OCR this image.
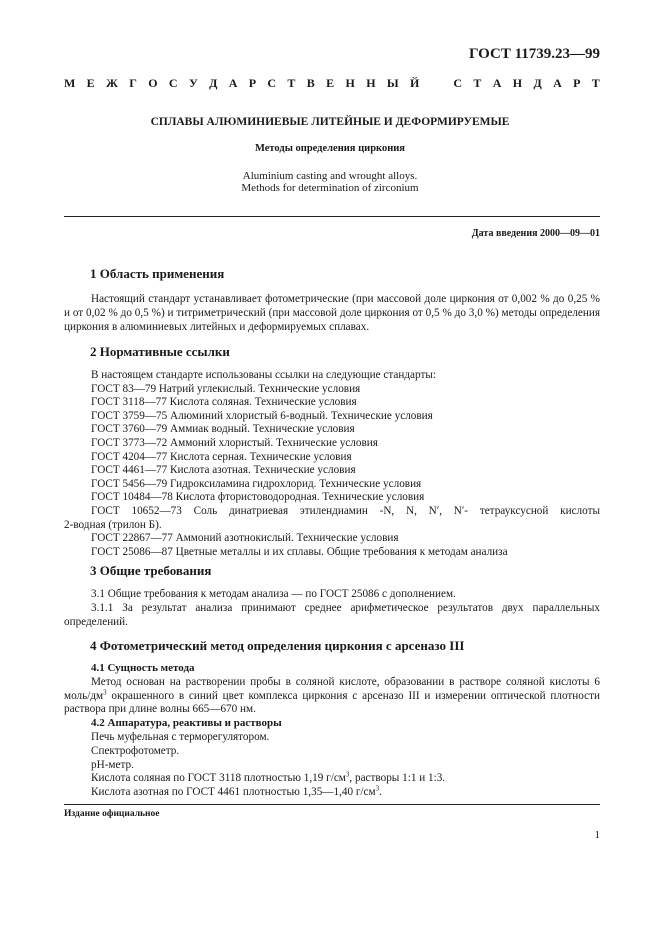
ГОСТ 11739.23—99
М Е Ж Г О С У Д А Р С Т В Е Н Н Ы Й	С Т А Н Д А Р Т
СПЛАВЫ АЛЮМИНИЕВЫЕ ЛИТЕЙНЫЕ И ДЕФОРМИРУЕМЫЕ
Методы определения циркония
Aluminium casting and wrought alloys.
Methods for determination of zirconium
Дата введения 2000—09—01
1 Область применения

Настоящий стандарт устанавливает фотометрические (при массовой доле циркония от 0,002 % до 0,25 % и от 0,02 % до 0,5 %) и титриметрический (при массовой доле циркония от 0,5 % до 3,0 %) методы определения циркония в алюминиевых литейных и деформируемых сплавах.

2 Нормативные ссылки
В настоящем стандарте использованы ссылки на следующие стандарты:
ГОСТ 83—79 Натрий углекислый. Технические условия
ГОСТ 3118—77 Кислота соляная. Технические условия
ГОСТ 3759—75 Алюминий хлористый 6-водный. Технические условия
ГОСТ 3760—79 Аммиак водный. Технические условия
ГОСТ 3773—72 Аммоний хлористый. Технические условия
ГОСТ 4204—77 Кислота серная. Технические условия
ГОСТ 4461—77 Кислота азотная. Технические условия
ГОСТ 5456—79 Гидроксиламина гидрохлорид. Технические условия
ГОСТ 10484—78 Кислота фтористоводородная. Технические условия
ГОСТ 10652—73 Соль динатриевая этилендиамин -N, N, N′, N′- тетрауксусной кислоты
2-водная (трилон Б).
ГОСТ 22867—77 Аммоний азотнокислый. Технические условия
ГОСТ 25086—87 Цветные металлы и их сплавы. Общие требования к методам анализа
3 Общие требования

3.1 Общие требования к методам анализа — по ГОСТ 25086 с дополнением.

3.1.1 За результат анализа принимают среднее арифметическое результатов двух параллельных определений.

4 Фотометрический метод определения циркония с арсеназо III
4.1 Сущность метода

Метод основан на растворении пробы в соляной кислоте, образовании в растворе соляной кислоты 6 моль/$дм^3$ окрашенного в синий цвет комплекса циркония с арсеназо III и измерении оптической плотности раствора при длине волны 665—670 нм.

4.2 Аппаратура, реактивы и растворы
Печь муфельная с терморегулятором.
Спектрофотометр.
pH-метр.
Кислота соляная по ГОСТ 3118 плотностью 1,19 $г/см^3$, растворы 1:1 и 1:3.
Кислота азотная по ГОСТ 4461 плотностью 1,35—1,40 $г/см^3$.
Издание официальное
1
